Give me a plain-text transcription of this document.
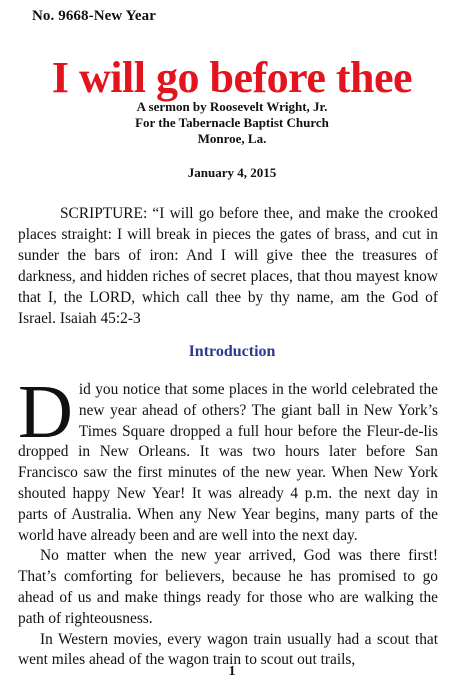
No. 9668-New Year
I will go before thee
A sermon by Roosevelt Wright, Jr.
For the Tabernacle Baptist Church
Monroe, La.
January 4, 2015

SCRIPTURE: “I will go before thee, and make the crooked places straight: I will break in pieces the gates of brass, and cut in sunder the bars of iron: And I will give thee the treasures of darkness, and hidden riches of secret places, that thou mayest know that I, the LORD, which call thee by thy name, am the God of Israel. Isaiah 45:2-3

Introduction

Did you notice that some places in the world celebrated the new year ahead of others? The giant ball in New York’s Times Square dropped a full hour before the Fleur-de-lis dropped in New Orleans. It was two hours later before San Francisco saw the first minutes of the new year. When New York shouted happy New Year! It was already 4 p.m. the next day in parts of Australia. When any New Year begins, many parts of the world have already been and are well into the next day.

No matter when the new year arrived, God was there first! That’s comforting for believers, because he has promised to go ahead of us and make things ready for those who are walking the path of righteousness.

In Western movies, every wagon train usually had a scout that went miles ahead of the wagon train to scout out trails,

1
